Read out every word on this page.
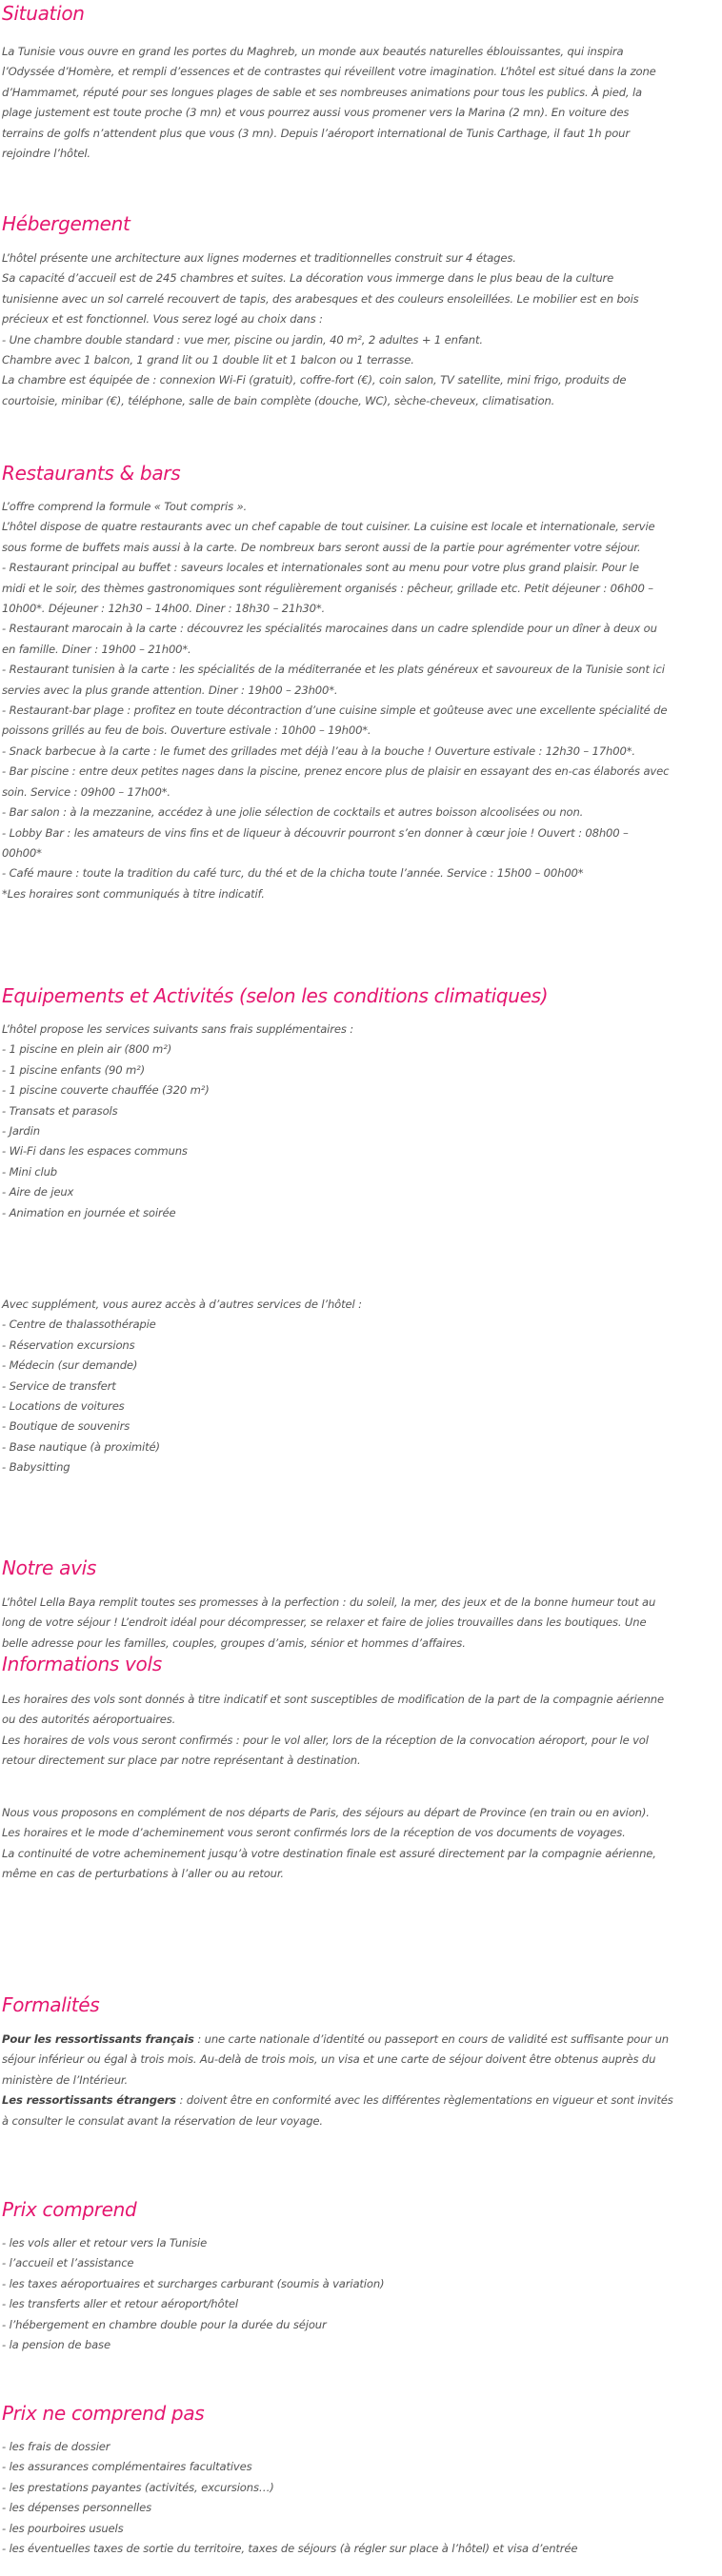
Situation
La Tunisie vous ouvre en grand les portes du Maghreb, un monde aux beautés naturelles éblouissantes, qui inspira
l’Odyssée d’Homère, et rempli d’essences et de contrastes qui réveillent votre imagination. L’hôtel est situé dans la zone
d’Hammamet, réputé pour ses longues plages de sable et ses nombreuses animations pour tous les publics. À pied, la
plage justement est toute proche (3 mn) et vous pourrez aussi vous promener vers la Marina (2 mn). En voiture des
terrains de golfs n’attendent plus que vous (3 mn). Depuis l’aéroport international de Tunis Carthage, il faut 1h pour
rejoindre l’hôtel.
Hébergement
L’hôtel présente une architecture aux lignes modernes et traditionnelles construit sur 4 étages.
Sa capacité d’accueil est de 245 chambres et suites. La décoration vous immerge dans le plus beau de la culture
tunisienne avec un sol carrelé recouvert de tapis, des arabesques et des couleurs ensoleillées. Le mobilier est en bois
précieux et est fonctionnel. Vous serez logé au choix dans :
- Une chambre double standard : vue mer, piscine ou jardin, 40 m², 2 adultes + 1 enfant.
Chambre avec 1 balcon, 1 grand lit ou 1 double lit et 1 balcon ou 1 terrasse.
La chambre est équipée de : connexion Wi-Fi (gratuit), coffre-fort (€), coin salon, TV satellite, mini frigo, produits de
courtoisie, minibar (€), téléphone, salle de bain complète (douche, WC), sèche-cheveux, climatisation.
Restaurants & bars
L’offre comprend la formule « Tout compris ».
L’hôtel dispose de quatre restaurants avec un chef capable de tout cuisiner. La cuisine est locale et internationale, servie
sous forme de buffets mais aussi à la carte. De nombreux bars seront aussi de la partie pour agrémenter votre séjour.
- Restaurant principal au buffet : saveurs locales et internationales sont au menu pour votre plus grand plaisir. Pour le
midi et le soir, des thèmes gastronomiques sont régulièrement organisés : pêcheur, grillade etc. Petit déjeuner : 06h00 –
10h00*. Déjeuner : 12h30 – 14h00. Diner : 18h30 – 21h30*.
- Restaurant marocain à la carte : découvrez les spécialités marocaines dans un cadre splendide pour un dîner à deux ou
en famille. Diner : 19h00 – 21h00*.
- Restaurant tunisien à la carte : les spécialités de la méditerranée et les plats généreux et savoureux de la Tunisie sont ici
servies avec la plus grande attention. Diner : 19h00 – 23h00*.
- Restaurant-bar plage : profitez en toute décontraction d’une cuisine simple et goûteuse avec une excellente spécialité de
poissons grillés au feu de bois. Ouverture estivale : 10h00 – 19h00*.
- Snack barbecue à la carte : le fumet des grillades met déjà l’eau à la bouche ! Ouverture estivale : 12h30 – 17h00*.
- Bar piscine : entre deux petites nages dans la piscine, prenez encore plus de plaisir en essayant des en-cas élaborés avec
soin. Service : 09h00 – 17h00*.
- Bar salon : à la mezzanine, accédez à une jolie sélection de cocktails et autres boisson alcoolisées ou non.
- Lobby Bar : les amateurs de vins fins et de liqueur à découvrir pourront s’en donner à cœur joie ! Ouvert : 08h00 –
00h00*
- Café maure : toute la tradition du café turc, du thé et de la chicha toute l’année. Service : 15h00 – 00h00*
*Les horaires sont communiqués à titre indicatif.
Equipements et Activités (selon les conditions climatiques)
L’hôtel propose les services suivants sans frais supplémentaires :
- 1 piscine en plein air (800 m²)
- 1 piscine enfants (90 m²)
- 1 piscine couverte chauffée (320 m²)
- Transats et parasols
- Jardin
- Wi-Fi dans les espaces communs
- Mini club
- Aire de jeux
- Animation en journée et soirée
Avec supplément, vous aurez accès à d’autres services de l’hôtel :
- Centre de thalassothérapie
- Réservation excursions
- Médecin (sur demande)
- Service de transfert
- Locations de voitures
- Boutique de souvenirs
- Base nautique (à proximité)
- Babysitting
Notre avis
L’hôtel Lella Baya remplit toutes ses promesses à la perfection : du soleil, la mer, des jeux et de la bonne humeur tout au
long de votre séjour ! L’endroit idéal pour décompresser, se relaxer et faire de jolies trouvailles dans les boutiques. Une
belle adresse pour les familles, couples, groupes d’amis, sénior et hommes d’affaires.
Informations vols
Les horaires des vols sont donnés à titre indicatif et sont susceptibles de modification de la part de la compagnie aérienne
ou des autorités aéroportuaires.
Les horaires de vols vous seront confirmés : pour le vol aller, lors de la réception de la convocation aéroport, pour le vol
retour directement sur place par notre représentant à destination.
Nous vous proposons en complément de nos départs de Paris, des séjours au départ de Province (en train ou en avion).
Les horaires et le mode d’acheminement vous seront confirmés lors de la réception de vos documents de voyages.
La continuité de votre acheminement jusqu’à votre destination finale est assuré directement par la compagnie aérienne,
même en cas de perturbations à l’aller ou au retour.
Formalités
Pour les ressortissants français : une carte nationale d’identité ou passeport en cours de validité est suffisante pour un
séjour inférieur ou égal à trois mois. Au-delà de trois mois, un visa et une carte de séjour doivent être obtenus auprès du
ministère de l’Intérieur.
Les ressortissants étrangers : doivent être en conformité avec les différentes règlementations en vigueur et sont invités
à consulter le consulat avant la réservation de leur voyage.
Prix comprend
- les vols aller et retour vers la Tunisie
- l’accueil et l’assistance
- les taxes aéroportuaires et surcharges carburant (soumis à variation)
- les transferts aller et retour aéroport/hôtel
- l’hébergement en chambre double pour la durée du séjour
- la pension de base
Prix ne comprend pas
- les frais de dossier
- les assurances complémentaires facultatives
- les prestations payantes (activités, excursions…)
- les dépenses personnelles
- les pourboires usuels
- les éventuelles taxes de sortie du territoire, taxes de séjours (à régler sur place à l’hôtel) et visa d’entrée
